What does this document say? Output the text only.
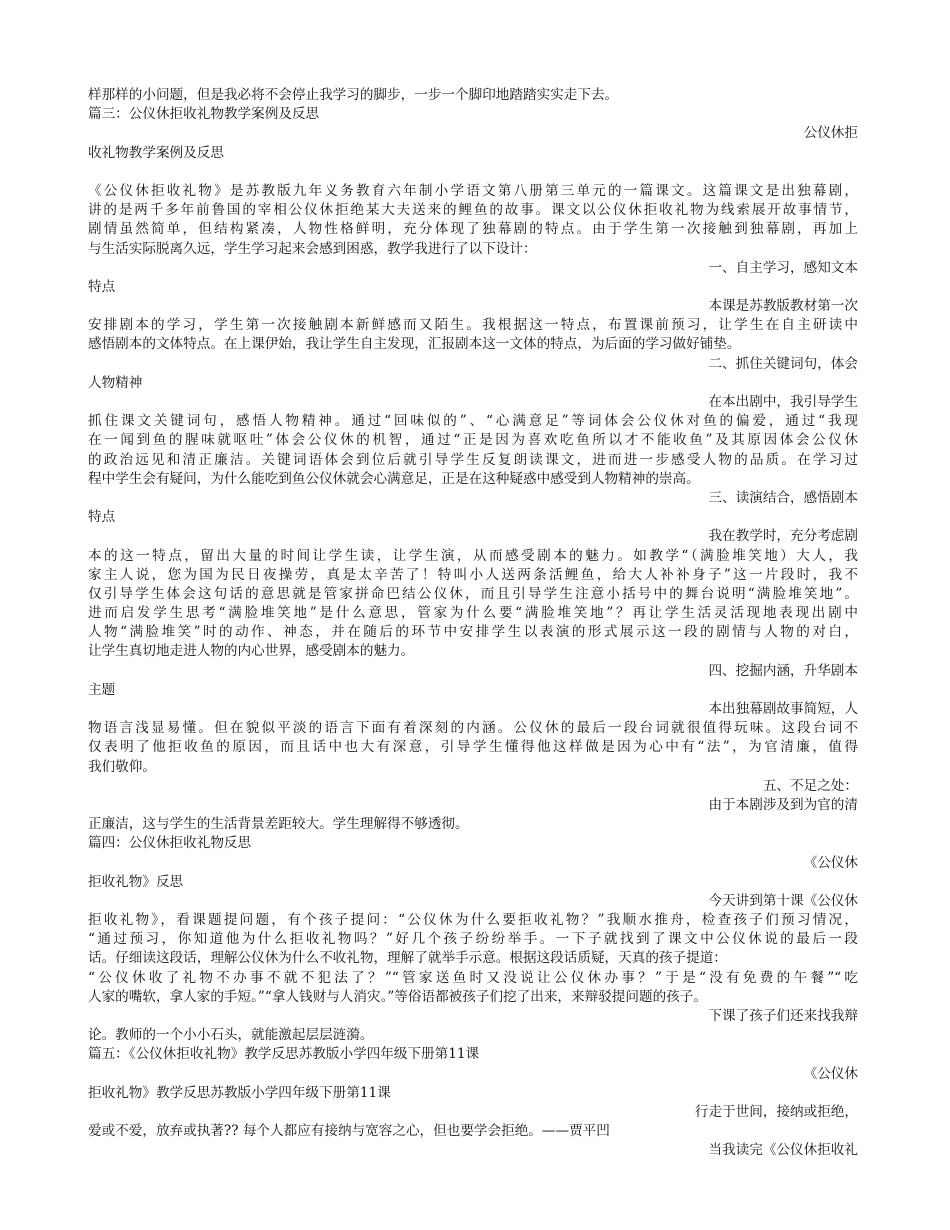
样那样的小问题，但是我必将不会停止我学习的脚步，一步一个脚印地踏踏实实走下去。
篇三：公仪休拒收礼物教学案例及反思
公仪休拒
收礼物教学案例及反思
《公仪休拒收礼物》是苏教版九年义务教育六年制小学语文第八册第三单元的一篇课文。这篇课文是出独幕剧，
讲的是两千多年前鲁国的宰相公仪休拒绝某大夫送来的鲤鱼的故事。课文以公仪休拒收礼物为线索展开故事情节，
剧情虽然简单，但结构紧凑，人物性格鲜明，充分体现了独幕剧的特点。由于学生第一次接触到独幕剧，再加上
与生活实际脱离久远，学生学习起来会感到困惑，教学我进行了以下设计：
一、自主学习，感知文本
特点
本课是苏教版教材第一次
安排剧本的学习，学生第一次接触剧本新鲜感而又陌生。我根据这一特点，布置课前预习，让学生在自主研读中
感悟剧本的文体特点。在上课伊始，我让学生自主发现，汇报剧本这一文体的特点，为后面的学习做好铺垫。
二、抓住关键词句，体会
人物精神
在本出剧中，我引导学生
抓住课文关键词句，感悟人物精神。通过“回味似的”、“心满意足”等词体会公仪休对鱼的偏爱，通过“我现
在一闻到鱼的腥味就呕吐”体会公仪休的机智，通过“正是因为喜欢吃鱼所以才不能收鱼”及其原因体会公仪休
的政治远见和清正廉洁。关键词语体会到位后就引导学生反复朗读课文，进而进一步感受人物的品质。在学习过
程中学生会有疑问，为什么能吃到鱼公仪休就会心满意足，正是在这种疑惑中感受到人物精神的崇高。
三、读演结合，感悟剧本
特点
我在教学时，充分考虑剧
本的这一特点，留出大量的时间让学生读，让学生演，从而感受剧本的魅力。如教学“（满脸堆笑地）大人，我
家主人说，您为国为民日夜操劳，真是太辛苦了！特叫小人送两条活鲤鱼，给大人补补身子”这一片段时，我不
仅引导学生体会这句话的意思就是管家拼命巴结公仪休，而且引导学生注意小括号中的舞台说明“满脸堆笑地”。
进而启发学生思考“满脸堆笑地”是什么意思，管家为什么要“满脸堆笑地”？再让学生活灵活现地表现出剧中
人物“满脸堆笑”时的动作、神态，并在随后的环节中安排学生以表演的形式展示这一段的剧情与人物的对白，
让学生真切地走进人物的内心世界，感受剧本的魅力。
四、挖掘内涵，升华剧本
主题
本出独幕剧故事简短，人
物语言浅显易懂。但在貌似平淡的语言下面有着深刻的内涵。公仪休的最后一段台词就很值得玩味。这段台词不
仅表明了他拒收鱼的原因，而且话中也大有深意，引导学生懂得他这样做是因为心中有“法”，为官清廉，值得
我们敬仰。
五、不足之处：
由于本剧涉及到为官的清
正廉洁，这与学生的生活背景差距较大。学生理解得不够透彻。
篇四：公仪休拒收礼物反思
《公仪休
拒收礼物》反思
今天讲到第十课《公仪休
拒收礼物》，看课题提问题，有个孩子提问：“公仪休为什么要拒收礼物？”我顺水推舟，检查孩子们预习情况，
“通过预习，你知道他为什么拒收礼物吗？”好几个孩子纷纷举手。一下子就找到了课文中公仪休说的最后一段
话。仔细读这段话，理解公仪休为什么不收礼物，理解了就举手示意。根据这段话质疑，天真的孩子提道：
“公仪休收了礼物不办事不就不犯法了？”“管家送鱼时又没说让公仪休办事？”于是“没有免费的午餐”“吃
人家的嘴软，拿人家的手短。”“拿人钱财与人消灾。”等俗语都被孩子们挖了出来，来辩驳提问题的孩子。
下课了孩子们还来找我辩
论。教师的一个小小石头，就能激起层层涟漪。
篇五：《公仪休拒收礼物》教学反思苏教版小学四年级下册第11课
《公仪休
拒收礼物》教学反思苏教版小学四年级下册第11课
行走于世间，接纳或拒绝，
爱或不爱，放弃或执著?? 每个人都应有接纳与宽容之心，但也要学会拒绝。——贾平凹
当我读完《公仪休拒收礼
